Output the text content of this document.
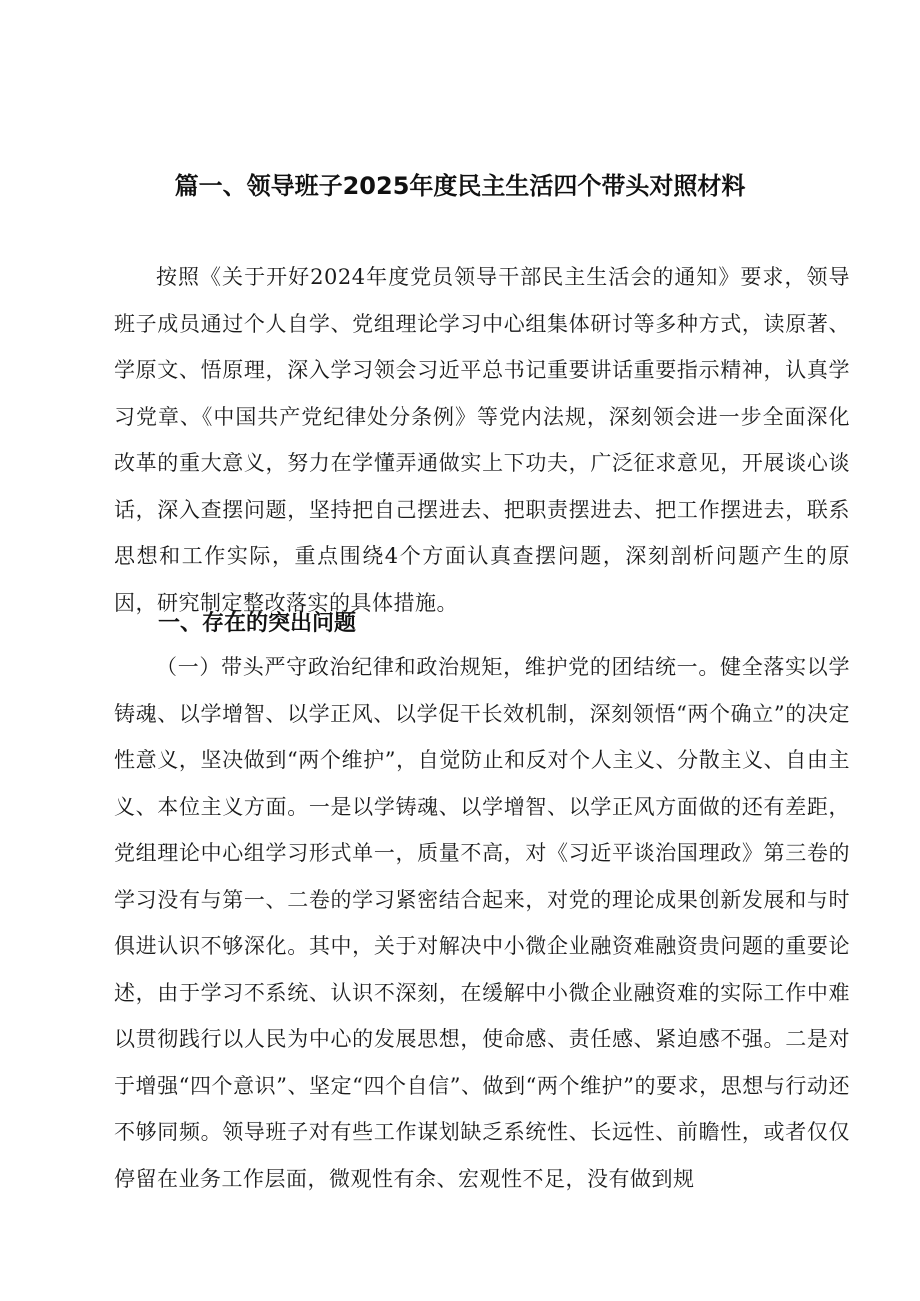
篇一、领导班子2025年度民主生活四个带头对照材料

按照《关于开好2024年度党员领导干部民主生活会的通知》要求，领导班子成员通过个人自学、党组理论学习中心组集体研讨等多种方式，读原著、学原文、悟原理，深入学习领会习近平总书记重要讲话重要指示精神，认真学习党章、《中国共产党纪律处分条例》等党内法规，深刻领会进一步全面深化改革的重大意义，努力在学懂弄通做实上下功夫，广泛征求意见，开展谈心谈话，深入查摆问题，坚持把自己摆进去、把职责摆进去、把工作摆进去，联系思想和工作实际，重点围绕4个方面认真查摆问题，深刻剖析问题产生的原因，研究制定整改落实的具体措施。

一、存在的突出问题

（一）带头严守政治纪律和政治规矩，维护党的团结统一。健全落实以学铸魂、以学增智、以学正风、以学促干长效机制，深刻领悟“两个确立”的决定性意义，坚决做到“两个维护”，自觉防止和反对个人主义、分散主义、自由主义、本位主义方面。一是以学铸魂、以学增智、以学正风方面做的还有差距，党组理论中心组学习形式单一，质量不高，对《习近平谈治国理政》第三卷的学习没有与第一、二卷的学习紧密结合起来，对党的理论成果创新发展和与时俱进认识不够深化。其中，关于对解决中小微企业融资难融资贵问题的重要论述，由于学习不系统、认识不深刻，在缓解中小微企业融资难的实际工作中难以贯彻践行以人民为中心的发展思想，使命感、责任感、紧迫感不强。二是对于增强“四个意识”、坚定“四个自信”、做到“两个维护”的要求，思想与行动还不够同频。领导班子对有些工作谋划缺乏系统性、长远性、前瞻性，或者仅仅停留在业务工作层面，微观性有余、宏观性不足，没有做到规
